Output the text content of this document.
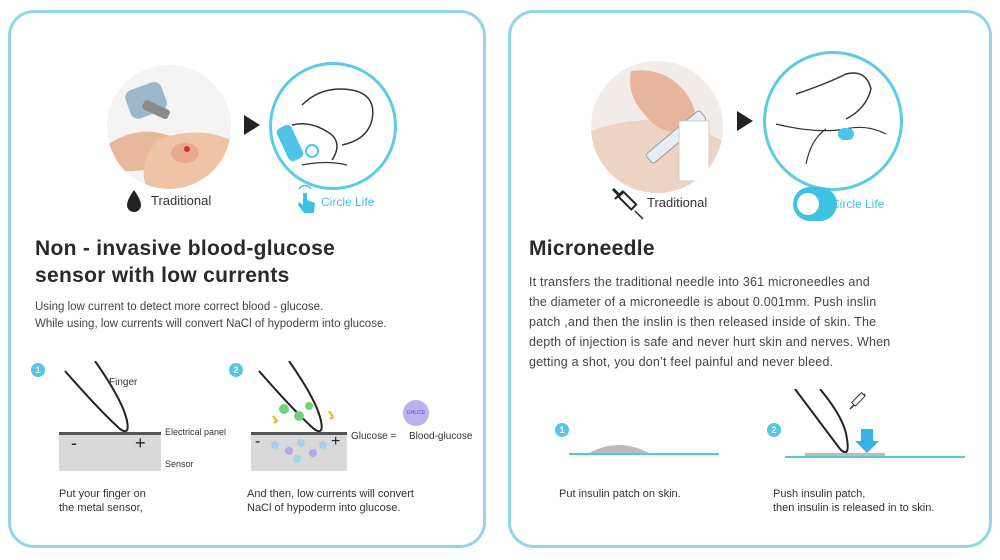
Traditional	Circle Life
Non - invasive blood-glucose
sensor with low currents
Using low current to detect more correct blood - glucose.
While using, low currents will convert NaCl of hypoderm into glucose.
1
Finger
-	+
Electrical panel
Sensor
2
-	+
GHLICE
Glucose = Blood-glucose
Put your finger on
the metal sensor,
And then, low currents will convert
NaCl of hypoderm into glucose.
Traditional	Circle Life
Microneedle
It transfers the traditional needle into 361 microneedles and
the diameter of a microneedle is about 0.001mm. Push inslin
patch ,and then the inslin is then released inside of skin. The
depth of injection is safe and never hurt skin and nerves. When
getting a shot, you don’t feel painful and never bleed.
1	2
Put insulin patch on skin.	Push insulin patch,
then insulin is released in to skin.
